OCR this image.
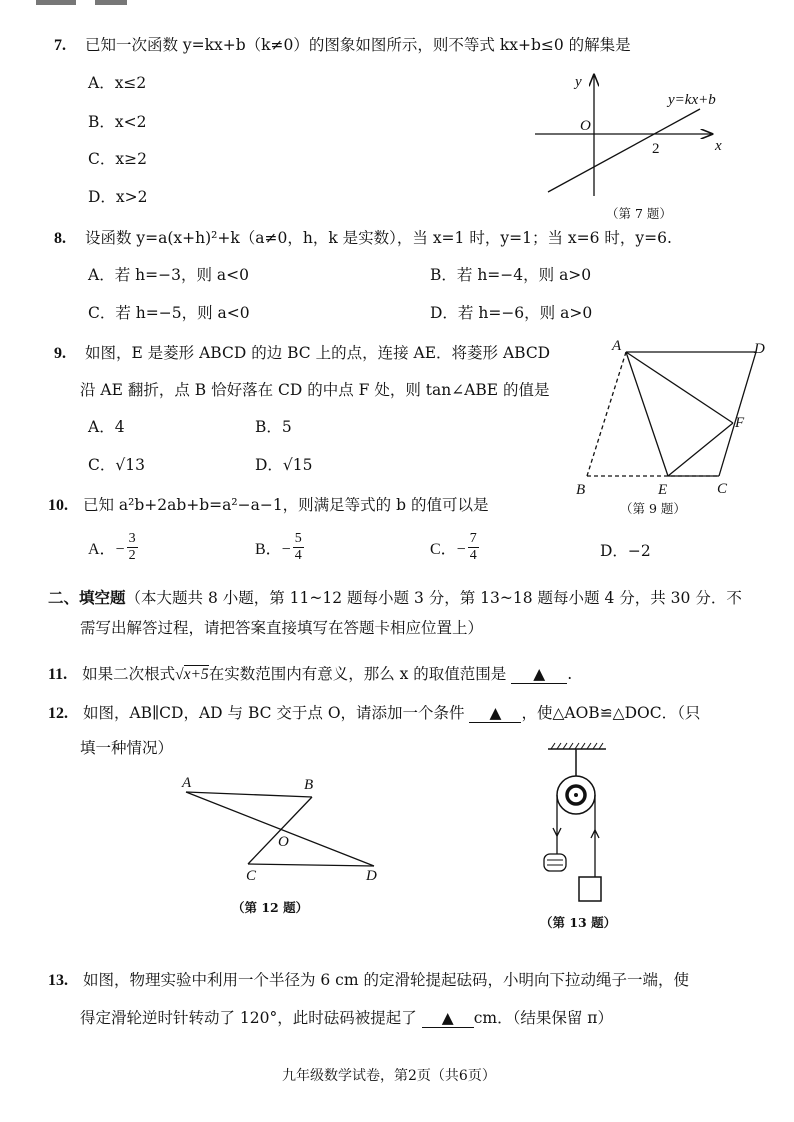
7. 已知一次函数 y=kx+b（k≠0）的图象如图所示，则不等式 kx+b≤0 的解集是
A．x≤2
B．x<2
C．x≥2
D．x>2
y
x
O
2
y=kx+b
（第 7 题）
8. 设函数 y=a(x+h)²+k（a≠0，h，k 是实数），当 x=1 时，y=1；当 x=6 时，y=6.
A．若 h=−3，则 a<0	B．若 h=−4，则 a>0
C．若 h=−5，则 a<0	D．若 h=−6，则 a>0
9. 如图，E 是菱形 ABCD 的边 BC 上的点，连接 AE．将菱形 ABCD
沿 AE 翻折，点 B 恰好落在 CD 的中点 F 处，则 tan∠ABE 的值是
A．4	B．5
C．√13	D．√15
A	D
F
B	E	C
（第 9 题）
10. 已知 a²b+2ab+b=a²−a−1，则满足等式的 b 的值可以是
A．− $\frac{3}{2}$	B．− $\frac{5}{4}$	C．− $\frac{7}{4}$	D．−2
二、填空题（本大题共 8 小题，第 11~12 题每小题 3 分，第 13~18 题每小题 4 分，共 30 分．不
需写出解答过程，请把答案直接填写在答题卡相应位置上）
11. 如果二次根式√x+5在实数范围内有意义，那么 x 的取值范围是 ▲ .
12. 如图，AB∥CD，AD 与 BC 交于点 O，请添加一个条件 ▲ ，使△AOB≌△DOC．（只
填一种情况）
A	B
O
C	D
（第 12 题）
（第 13 题）
13. 如图，物理实验中利用一个半径为 6 cm 的定滑轮提起砝码，小明向下拉动绳子一端，使
得定滑轮逆时针转动了 120°，此时砝码被提起了 ▲ cm．（结果保留 π）
九年级数学试卷，第2页（共6页）
